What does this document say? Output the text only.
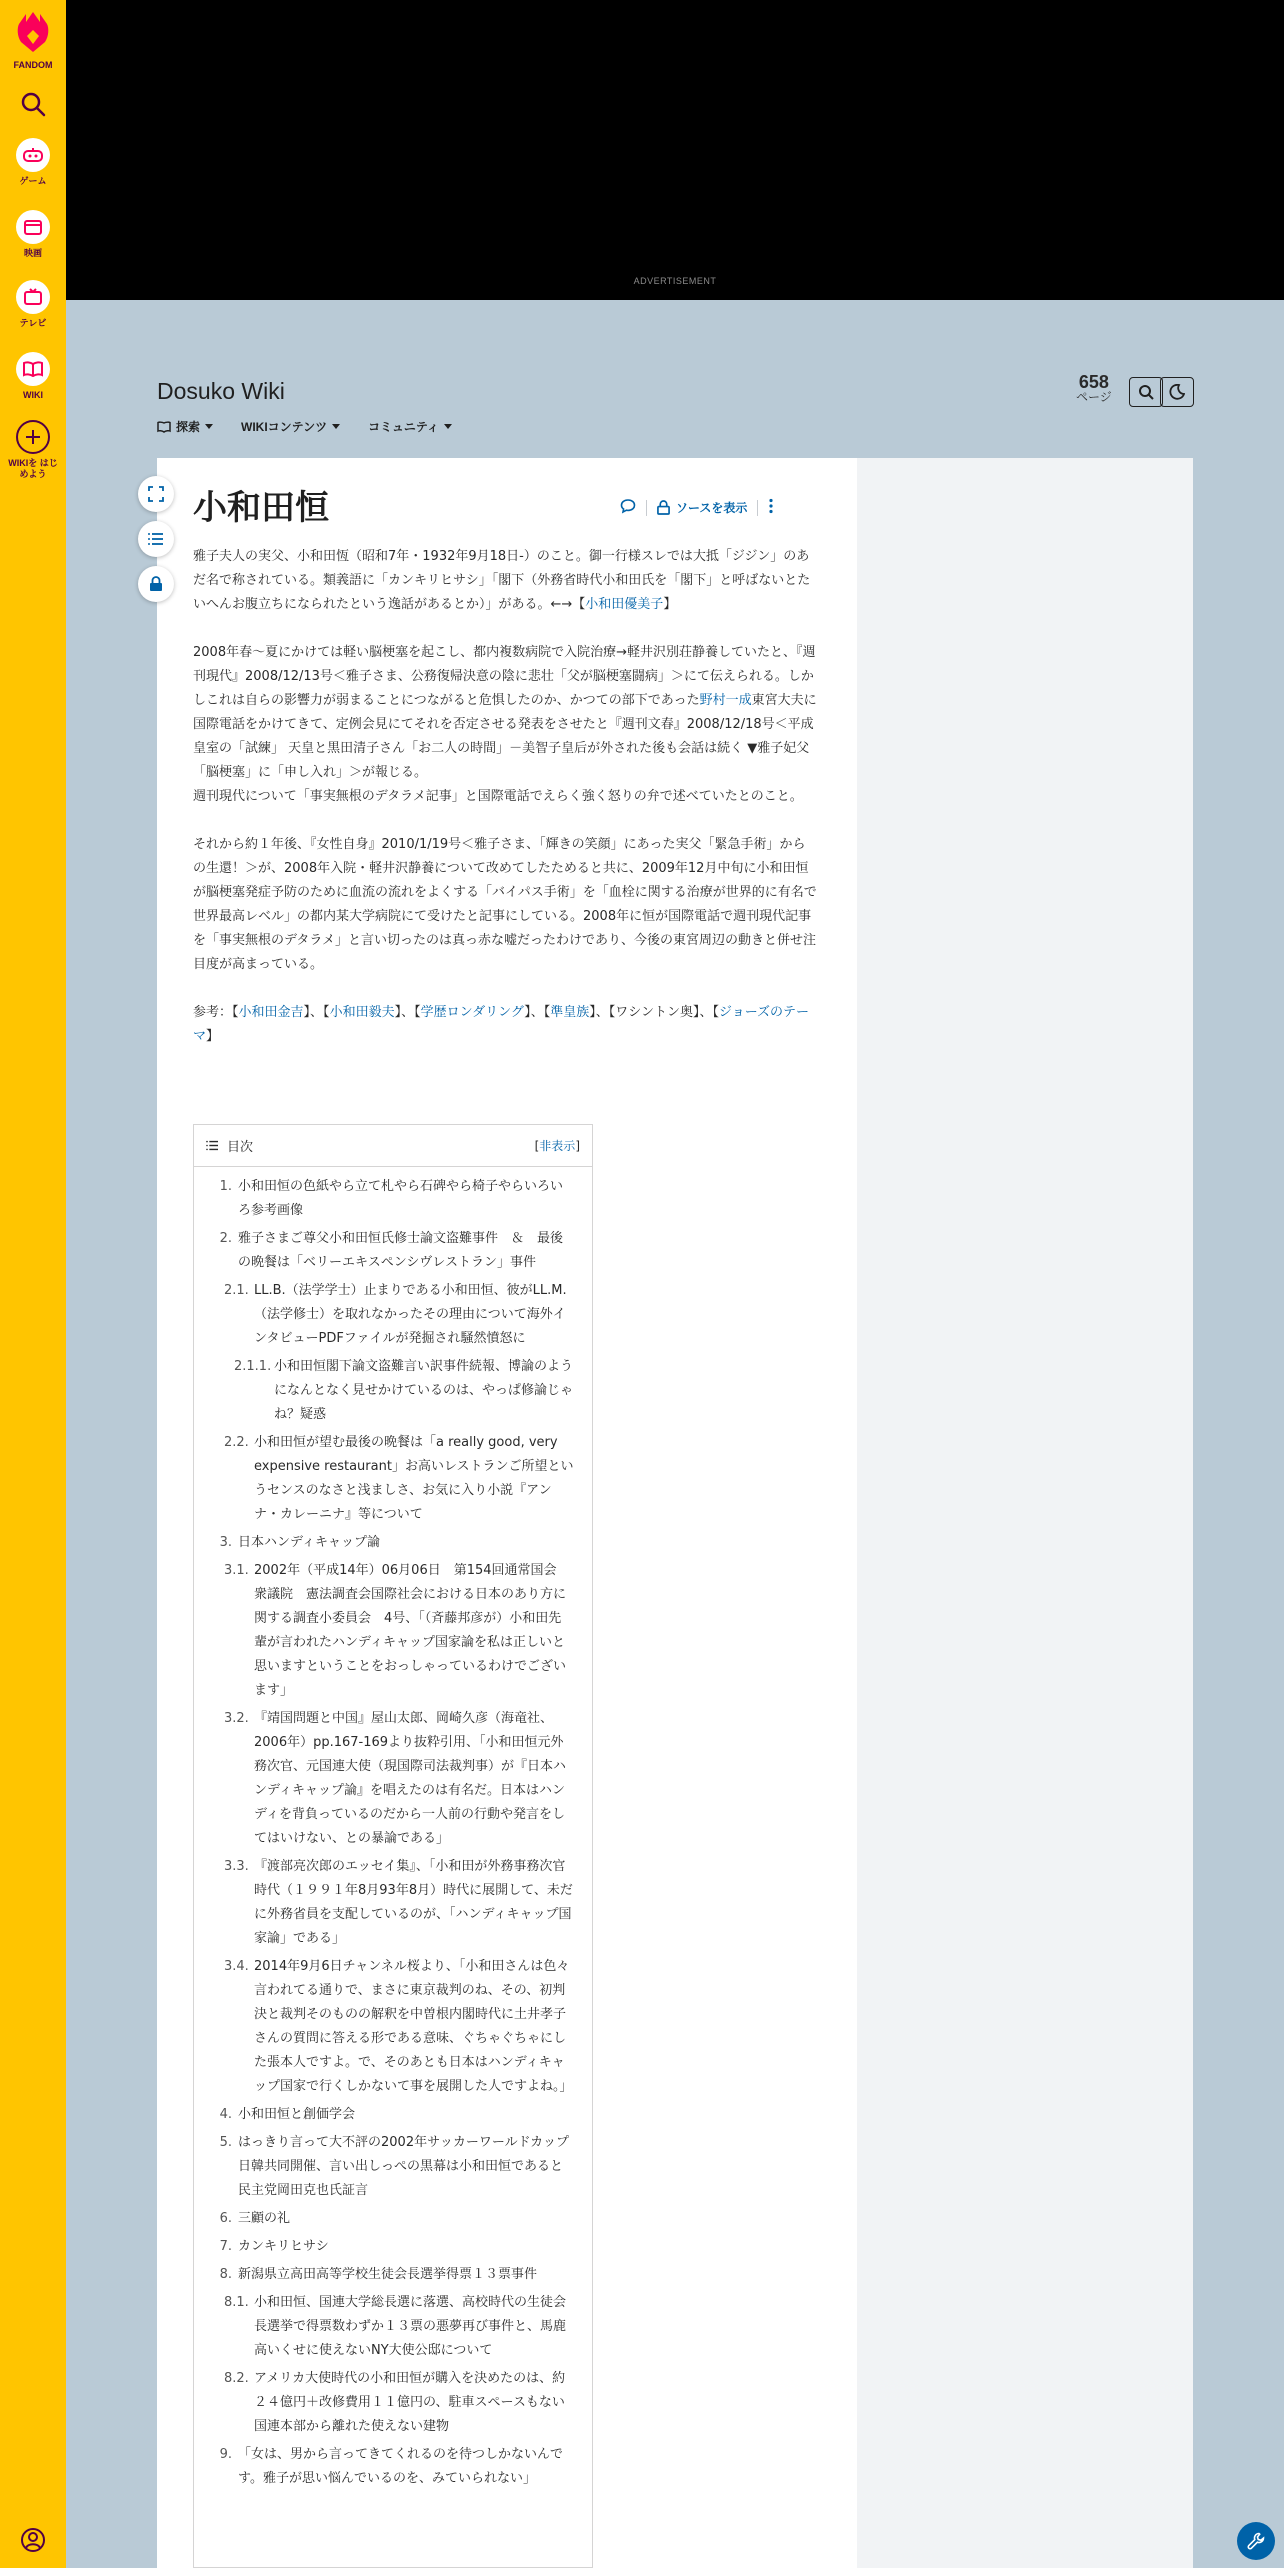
FANDOM
ゲーム
映画
テレビ
WIKI
WIKIを はじめよう
ADVERTISEMENT
Dosuko Wiki
探索	WIKIコンテンツ	コミュニティ
658
ページ
小和田恒	ソースを表示

雅子夫人の実父、小和田恆（昭和7年・1932年9月18日-）のこと。御一行様スレでは大抵「ジジン」のあだ名で称されている。類義語に「カンキリヒサシ」「閣下（外務省時代小和田氏を「閣下」と呼ばないとたいへんお腹立ちになられたという逸話があるとか）」がある。←→【小和田優美子】

2008年春～夏にかけては軽い脳梗塞を起こし、都内複数病院で入院治療→軽井沢別荘静養していたと、『週刊現代』2008/12/13号＜雅子さま、公務復帰決意の陰に悲壮「父が脳梗塞闘病」＞にて伝えられる。しかしこれは自らの影響力が弱まることにつながると危惧したのか、かつての部下であった野村一成東宮大夫に国際電話をかけてきて、定例会見にてそれを否定させる発表をさせたと『週刊文春』2008/12/18号＜平成皇室の「試練」 天皇と黒田清子さん「お二人の時間」－美智子皇后が外された後も会話は続く ▼雅子妃父「脳梗塞」に「申し入れ」＞が報じる。

週刊現代について「事実無根のデタラメ記事」と国際電話でえらく強く怒りの弁で述べていたとのこと。

それから約１年後、『女性自身』2010/1/19号＜雅子さま、「輝きの笑顔」にあった実父「緊急手術」からの生還！＞が、2008年入院・軽井沢静養について改めてしたためると共に、2009年12月中旬に小和田恒が脳梗塞発症予防のために血流の流れをよくする「バイパス手術」を「血栓に関する治療が世界的に有名で世界最高レベル」の都内某大学病院にて受けたと記事にしている。2008年に恒が国際電話で週刊現代記事を「事実無根のデタラメ」と言い切ったのは真っ赤な嘘だったわけであり、今後の東宮周辺の動きと併せ注目度が高まっている。

参考：【小和田金吉】、【小和田毅夫】、【学歴ロンダリング】、【準皇族】、【ワシントン奥】、【ジョーズのテーマ】

目次	[非表示]
1. 小和田恒の色紙やら立て札やら石碑やら椅子やらいろいろ参考画像
2. 雅子さまご尊父小和田恒氏修士論文盗難事件　＆　最後の晩餐は「ベリーエキスペンシヴレストラン」事件
2.1. LL.B.（法学学士）止まりである小和田恒、彼がLL.M.（法学修士）を取れなかったその理由について海外インタビューPDFファイルが発掘され騒然憤怒に
2.1.1. 小和田恒閣下論文盗難言い訳事件続報、博論のようになんとなく見せかけているのは、やっぱ修論じゃね？疑惑
2.2. 小和田恒が望む最後の晩餐は「a really good, very expensive restaurant」お高いレストランご所望というセンスのなさと浅ましさ、お気に入り小説『アンナ・カレーニナ』等について
3. 日本ハンディキャップ論
3.1. 2002年（平成14年）06月06日　第154回通常国会　衆議院　憲法調査会国際社会における日本のあり方に関する調査小委員会　4号、「（斉藤邦彦が）小和田先輩が言われたハンディキャップ国家論を私は正しいと思いますということをおっしゃっているわけでございます」
3.2. 『靖国問題と中国』屋山太郎、岡崎久彦（海竜社、2006年）pp.167-169より抜粋引用、「小和田恒元外務次官、元国連大使（現国際司法裁判事）が『日本ハンディキャップ論』を唱えたのは有名だ。日本はハンディを背負っているのだから一人前の行動や発言をしてはいけない、との暴論である」
3.3. 『渡部亮次郎のエッセイ集』、「小和田が外務事務次官時代（１９９１年8月93年8月）時代に展開して、未だに外務省員を支配しているのが、「ハンディキャップ国家論」である」
3.4. 2014年9月6日チャンネル桜より、「小和田さんは色々言われてる通りで、まさに東京裁判のね、その、初判決と裁判そのものの解釈を中曽根内閣時代に土井孝子さんの質問に答える形である意味、ぐちゃぐちゃにした張本人ですよ。で、そのあとも日本はハンディキャップ国家で行くしかないて事を展開した人ですよね。」
4. 小和田恒と創価学会
5. はっきり言って大不評の2002年サッカーワールドカップ日韓共同開催、言い出しっぺの黒幕は小和田恒であると民主党岡田克也氏証言
6. 三顧の礼
7. カンキリヒサシ
8. 新潟県立高田高等学校生徒会長選挙得票１３票事件
8.1. 小和田恒、国連大学総長選に落選、高校時代の生徒会長選挙で得票数わずか１３票の悪夢再び事件と、馬鹿高いくせに使えないNY大使公邸について
8.2. アメリカ大使時代の小和田恒が購入を決めたのは、約２４億円＋改修費用１１億円の、駐車スペースもない国連本部から離れた使えない建物
9. 「女は、男から言ってきてくれるのを待つしかないんです。雅子が思い悩んでいるのを、みていられない」
